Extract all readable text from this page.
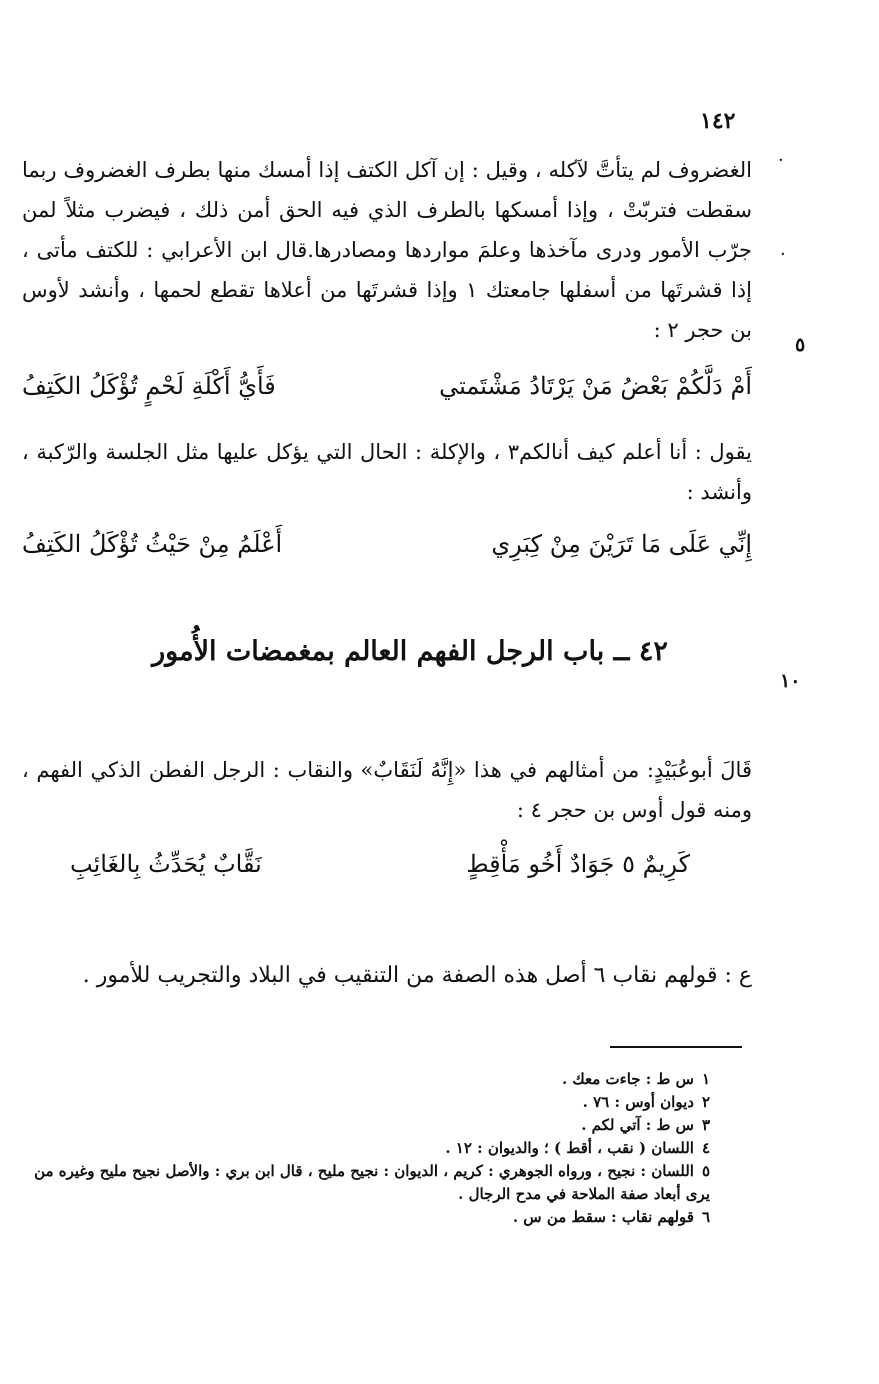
١٤٢
·
·
الغضروف لم يتأتَّ لآكله ، وقيل : إن آكل الكتف إذا أمسك منها بطرف الغضروف ربما سقطت فتربّتْ ، وإذا أمسكها بالطرف الذي فيه الحق أمن ذلك ، فيضرب مثلاً لمن جرّب الأمور ودرى مآخذها وعلمَ مواردها ومصادرها.قال ابن الأعرابي : للكتف مأتى ، إذا قشرتَها من أسفلها جامعتك ١ وإذا قشرتَها من أعلاها تقطع لحمها ، وأنشد لأوس بن حجر ٢ :
٥
أَمْ دَلَّكُمْ بَعْضُ مَنْ يَرْتَادُ مَشْتَمتي
فَأَيُّ أَكْلَةِ لَحْمٍ تُؤْكَلُ الكَتِفُ
يقول : أنا أعلم كيف أنالكم٣ ، والإكلة : الحال التي يؤكل عليها مثل الجلسة والرّكبة ، وأنشد :
إِنِّي عَلَى مَا تَرَيْنَ مِنْ كِبَرِي
أَعْلَمُ مِنْ حَيْثُ تُؤْكَلُ الكَتِفُ
٤٢ ــ باب الرجل الفهم العالم بمغمضات الأُمور
١٠
قَالَ أبوعُبَيْدٍ: من أمثالهم في هذا «إِنَّهُ لَنَقَابٌ» والنقاب : الرجل الفطن الذكي الفهم ، ومنه قول أوس بن حجر ٤ :
كَرِيمٌ ٥ جَوَادٌ أَخُو مَأْقِطٍ
نَقَّابٌ يُحَدِّثُ بِالغَائِبِ
ع : قولهم نقاب ٦ أصل هذه الصفة من التنقيب في البلاد والتجريب للأمور .
١س ط : جاءت معك .
٢ديوان أوس : ٧٦ .
٣س ط : آتي لكم .
٤اللسان ( نقب ، أقط ) ؛ والديوان : ١٢ .
٥اللسان : نجيح ، ورواه الجوهري : كريم ، الديوان : نجيح مليح ، قال ابن بري : والأصل نجيح مليح وغيره من يرى أبعاد صفة الملاحة في مدح الرجال .
٦قولهم نقاب : سقط من س .
